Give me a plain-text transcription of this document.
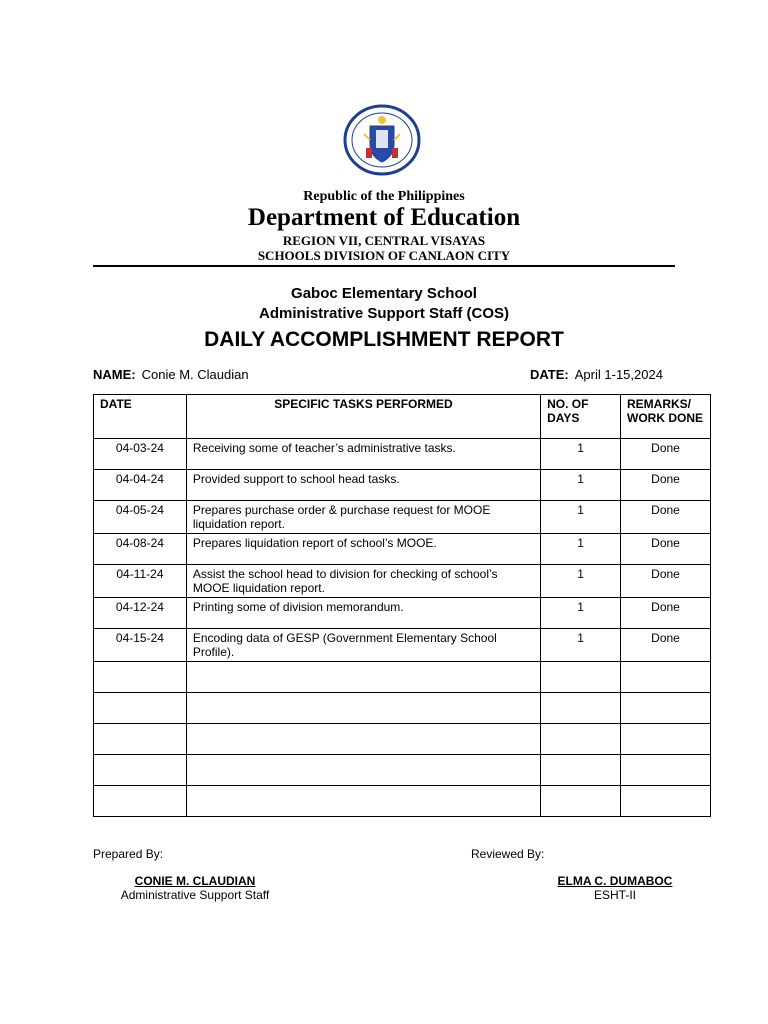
Republic of the Philippines
Department of Education
REGION VII, CENTRAL VISAYAS
SCHOOLS DIVISION OF CANLAON CITY
Gaboc Elementary School
Administrative Support Staff (COS)
DAILY ACCOMPLISHMENT REPORT
NAME: Conie M. Claudian	DATE: April 1-15,2024
DATE	SPECIFIC TASKS PERFORMED	NO. OF DAYS	REMARKS/ WORK DONE
04-03-24	Receiving some of teacher’s administrative tasks.	1	Done
04-04-24	Provided support to school head tasks.	1	Done
04-05-24	Prepares purchase order & purchase request for MOOE liquidation report.	1	Done
04-08-24	Prepares liquidation report of school’s MOOE.	1	Done
04-11-24	Assist the school head to division for checking of school’s MOOE liquidation report.	1	Done
04-12-24	Printing some of division memorandum.	1	Done
04-15-24	Encoding data of GESP (Government Elementary School Profile).	1	Done

Prepared By:	Reviewed By:
CONIE M. CLAUDIAN
Administrative Support Staff
ELMA C. DUMABOC
ESHT-II
